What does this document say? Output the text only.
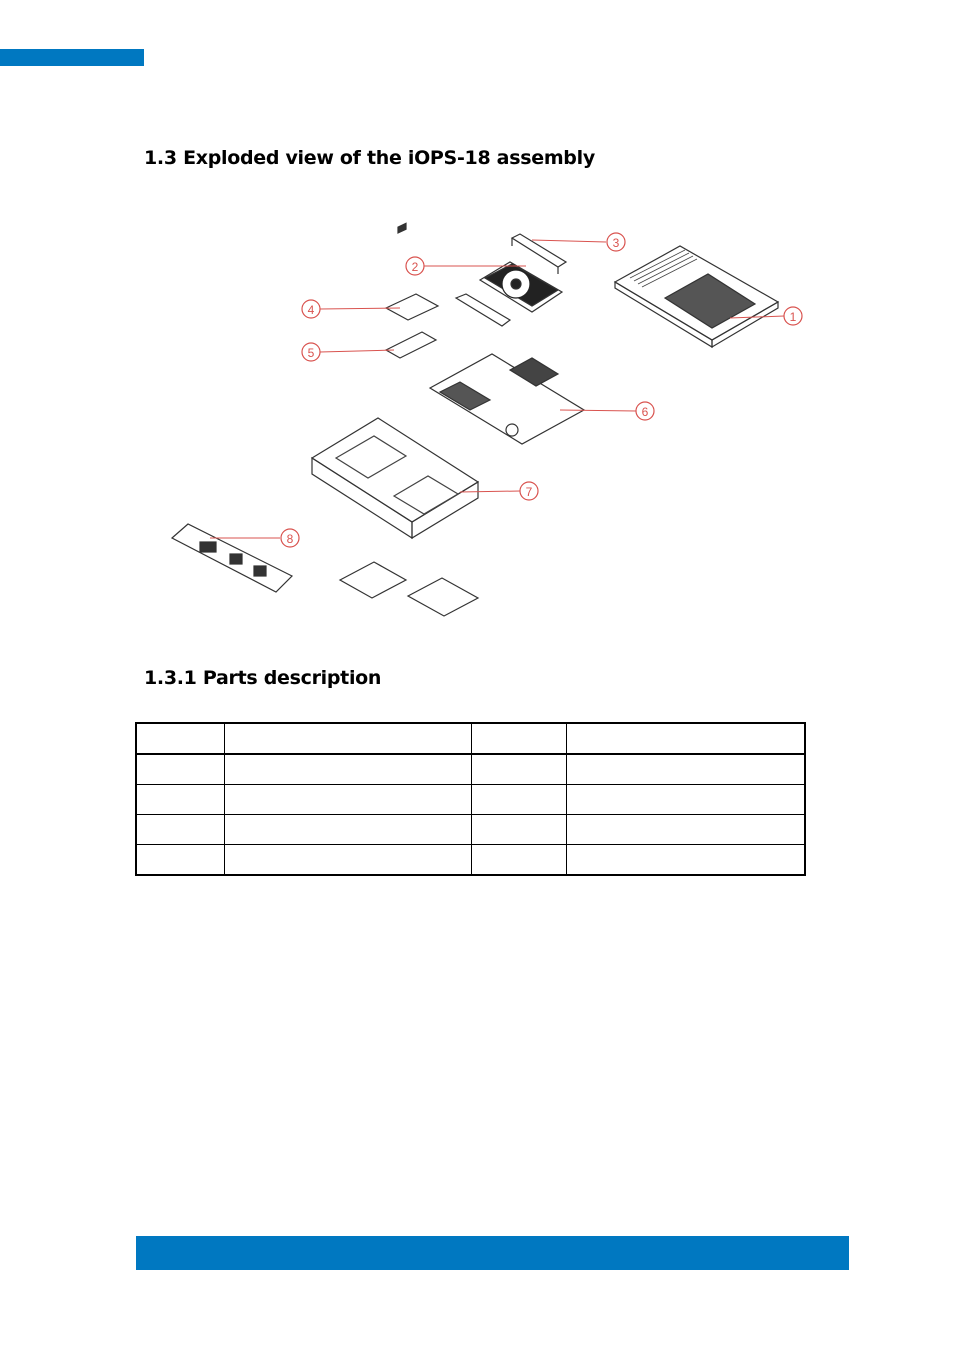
1.3 Exploded view of the iOPS-18 assembly
1
2
3
4
5
6
7
8
1.3.1 Parts description
